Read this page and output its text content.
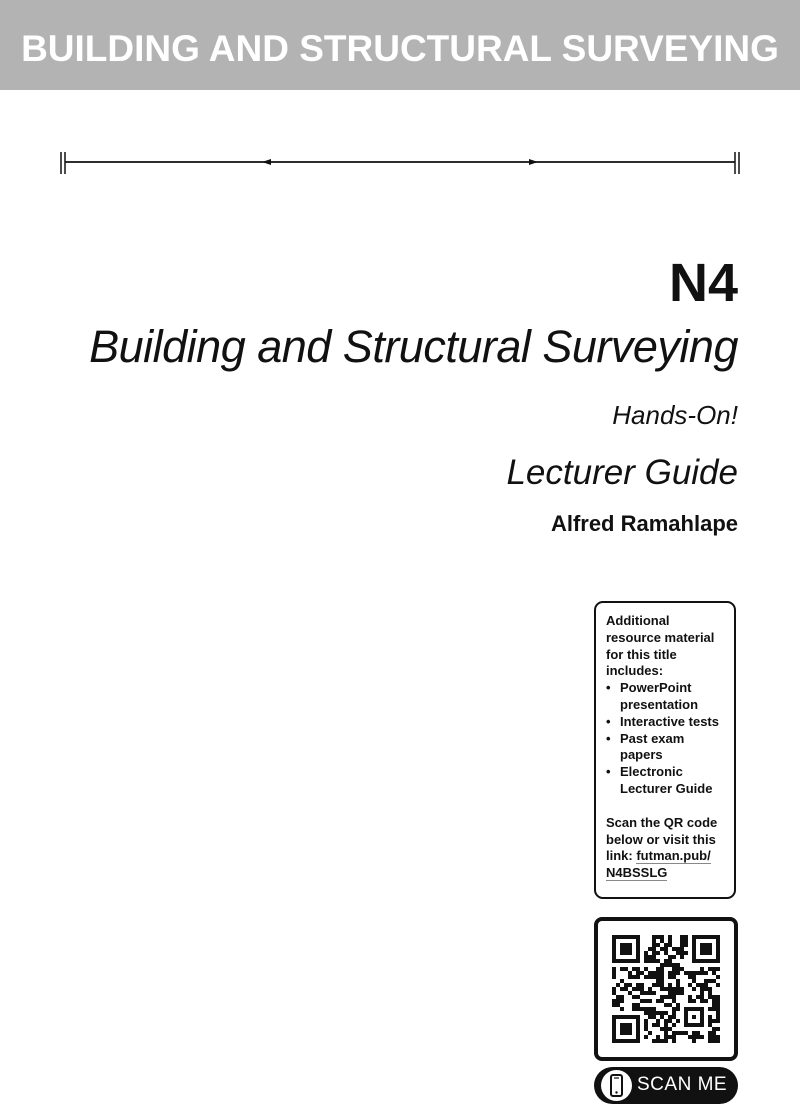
BUILDING AND STRUCTURAL SURVEYING
N4
Building and Structural Surveying
Hands-On!
Lecturer Guide
Alfred Ramahlape
Additional
resource material
for this title
includes:
• PowerPoint
presentation
• Interactive tests
• Past exam
papers
• Electronic
Lecturer Guide
Scan the QR code
below or visit this
link: futman.pub/
N4BSSLG
SCAN ME
